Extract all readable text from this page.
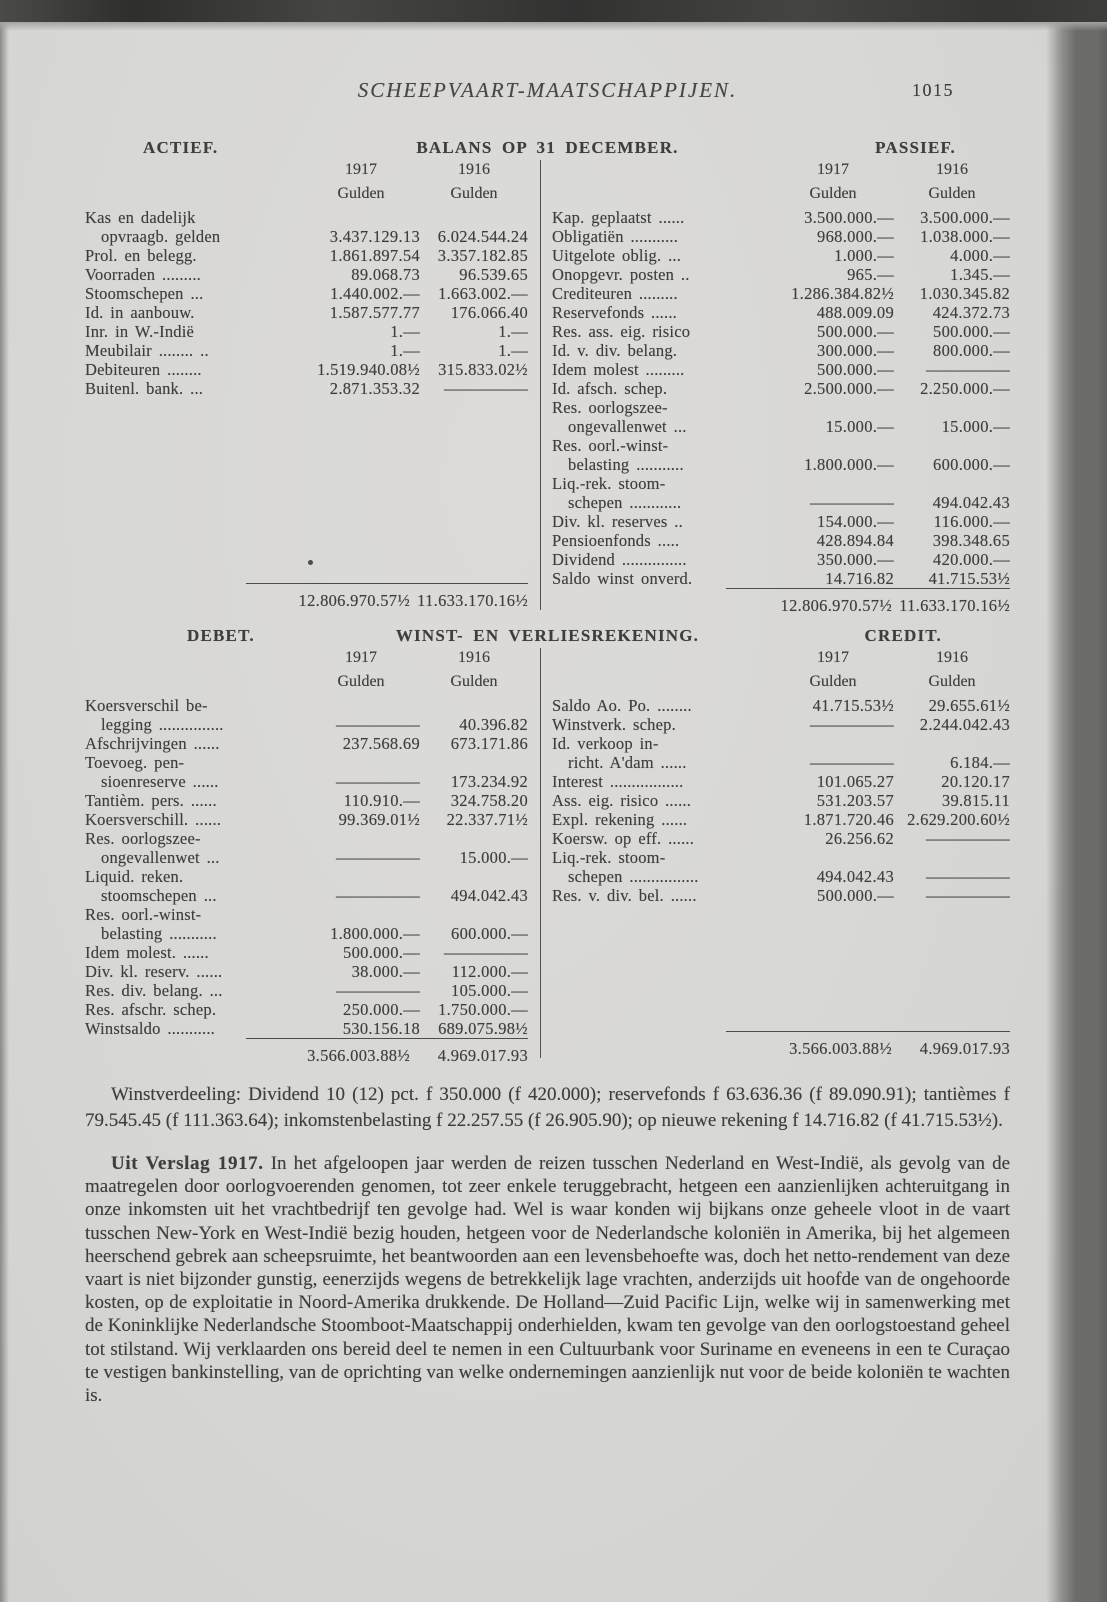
SCHEEPVAART-MAATSCHAPPIJEN.	1015
ACTIEF.	BALANS OP 31 DECEMBER.	PASSIEF.
1917	1916
Gulden	Gulden
Kas en dadelijk
opvraagb. gelden	3.437.129.13	6.024.544.24
Prol. en belegg.	1.861.897.54	3.357.182.85
Voorraden .........	89.068.73	96.539.65
Stoomschepen ...	1.440.002.—	1.663.002.—
Id. in aanbouw.	1.587.577.77	176.066.40
Inr. in W.-Indië	1.—	1.—
Meubilair ........ ..	1.—	1.—
Debiteuren ........	1.519.940.08½	315.833.02½
Buitenl. bank. ...	2.871.353.32	—————
12.806.970.57½ 11.633.170.16½
1917	1916
Gulden	Gulden
Kap. geplaatst ......	3.500.000.—	3.500.000.—
Obligatiën ...........	968.000.—	1.038.000.—
Uitgelote oblig. ...	1.000.—	4.000.—
Onopgevr. posten ..	965.—	1.345.—
Crediteuren .........	1.286.384.82½	1.030.345.82
Reservefonds ......	488.009.09	424.372.73
Res. ass. eig. risico	500.000.—	500.000.—
Id. v. div. belang.	300.000.—	800.000.—
Idem molest .........	500.000.—	—————
Id. afsch. schep.	2.500.000.—	2.250.000.—
Res. oorlogszee-
ongevallenwet ...	15.000.—	15.000.—
Res. oorl.-winst-
belasting ...........	1.800.000.—	600.000.—
Liq.-rek. stoom-
schepen ............	—————	494.042.43
Div. kl. reserves ..	154.000.—	116.000.—
Pensioenfonds .....	428.894.84	398.348.65
Dividend ...............	350.000.—	420.000.—
Saldo winst onverd.	14.716.82	41.715.53½
12.806.970.57½ 11.633.170.16½
DEBET.	WINST- EN VERLIESREKENING.	CREDIT.
1917	1916
Gulden	Gulden
Koersverschil be-
legging ...............	—————	40.396.82
Afschrijvingen ......	237.568.69	673.171.86
Toevoeg. pen-
sioenreserve ......	—————	173.234.92
Tantièm. pers. ......	110.910.—	324.758.20
Koersverschill. ......	99.369.01½	22.337.71½
Res. oorlogszee-
ongevallenwet ...	—————	15.000.—
Liquid. reken.
stoomschepen ...	—————	494.042.43
Res. oorl.-winst-
belasting ...........	1.800.000.—	600.000.—
Idem molest. ......	500.000.—	—————
Div. kl. reserv. ......	38.000.—	112.000.—
Res. div. belang. ...	—————	105.000.—
Res. afschr. schep.	250.000.—	1.750.000.—
Winstsaldo ...........	530.156.18	689.075.98½
3.566.003.88½	4.969.017.93
1917	1916
Gulden	Gulden
Saldo Ao. Po. ........	41.715.53½	29.655.61½
Winstverk. schep.	—————	2.244.042.43
Id. verkoop in-
richt. A'dam ......	—————	6.184.—
Interest .................	101.065.27	20.120.17
Ass. eig. risico ......	531.203.57	39.815.11
Expl. rekening ......	1.871.720.46 2.629.200.60½
Koersw. op eff. ......	26.256.62	—————
Liq.-rek. stoom-
schepen ................	494.042.43	—————
Res. v. div. bel. ......	500.000.—	—————
3.566.003.88½	4.969.017.93

Winstverdeeling: Dividend 10 (12) pct. f 350.000 (f 420.000); reservefonds f 63.636.36 (f 89.090.91); tantièmes f 79.545.45 (f 111.363.64); inkomstenbelasting f 22.257.55 (f 26.905.90); op nieuwe rekening f 14.716.82 (f 41.715.53½).

Uit Verslag 1917. In het afgeloopen jaar werden de reizen tusschen Nederland en West-Indië, als gevolg van de maatregelen door oorlogvoerenden genomen, tot zeer enkele teruggebracht, hetgeen een aanzienlijken achteruitgang in onze inkomsten uit het vrachtbedrijf ten gevolge had. Wel is waar konden wij bijkans onze geheele vloot in de vaart tusschen New-York en West-Indië bezig houden, hetgeen voor de Nederlandsche koloniën in Amerika, bij het algemeen heerschend gebrek aan scheepsruimte, het beantwoorden aan een levensbehoefte was, doch het netto-rendement van deze vaart is niet bijzonder gunstig, eenerzijds wegens de betrekkelijk lage vrachten, anderzijds uit hoofde van de ongehoorde kosten, op de exploitatie in Noord-Amerika drukkende. De Holland—Zuid Pacific Lijn, welke wij in samenwerking met de Koninklijke Nederlandsche Stoomboot-Maatschappij onderhielden, kwam ten gevolge van den oorlogstoestand geheel tot stilstand. Wij verklaarden ons bereid deel te nemen in een Cultuurbank voor Suriname en eveneens in een te Curaçao te vestigen bankinstelling, van de oprichting van welke ondernemingen aanzienlijk nut voor de beide koloniën te wachten is.
